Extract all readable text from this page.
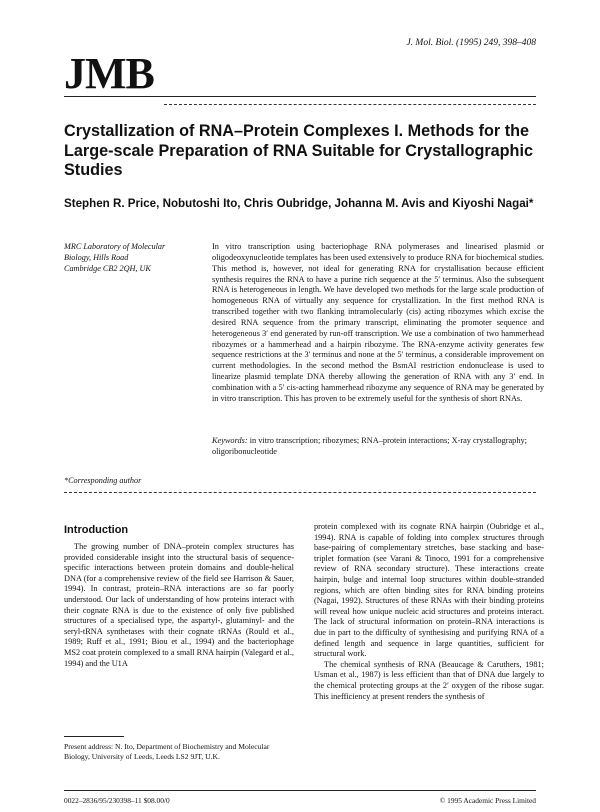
J. Mol. Biol. (1995) 249, 398–408
JMB
Crystallization of RNA–Protein Complexes I. Methods for the Large-scale Preparation of RNA Suitable for Crystallographic Studies
Stephen R. Price, Nobutoshi Ito, Chris Oubridge, Johanna M. Avis and Kiyoshi Nagai*
MRC Laboratory of Molecular
Biology, Hills Road
Cambridge CB2 2QH, UK
In vitro transcription using bacteriophage RNA polymerases and linearised plasmid or oligodeoxynucleotide templates has been used extensively to produce RNA for biochemical studies. This method is, however, not ideal for generating RNA for crystallisation because efficient synthesis requires the RNA to have a purine rich sequence at the 5′ terminus. Also the subsequent RNA is heterogeneous in length. We have developed two methods for the large scale production of homogeneous RNA of virtually any sequence for crystallization. In the first method RNA is transcribed together with two flanking intramolecularly (cis) acting ribozymes which excise the desired RNA sequence from the primary transcript, eliminating the promoter sequence and heterogeneous 3′ end generated by run-off transcription. We use a combination of two hammerhead ribozymes or a hammerhead and a hairpin ribozyme. The RNA-enzyme activity generates few sequence restrictions at the 3′ terminus and none at the 5′ terminus, a considerable improvement on current methodologies. In the second method the BsmAI restriction endonuclease is used to linearize plasmid template DNA thereby allowing the generation of RNA with any 3′ end. In combination with a 5′ cis-acting hammerhead ribozyme any sequence of RNA may be generated by in vitro transcription. This has proven to be extremely useful for the synthesis of short RNAs.
Keywords: in vitro transcription; ribozymes; RNA–protein interactions; X-ray crystallography; oligoribonucleotide
*Corresponding author
Introduction

The growing number of DNA–protein complex structures has provided considerable insight into the structural basis of sequence-specific interactions between protein domains and double-helical DNA (for a comprehensive review of the field see Harrison & Sauer, 1994). In contrast, protein–RNA interactions are so far poorly understood. Our lack of understanding of how proteins interact with their cognate RNA is due to the existence of only five published structures of a specialised type, the aspartyl-, glutaminyl- and the seryl-tRNA synthetases with their cognate tRNAs (Rould et al., 1989; Ruff et al., 1991; Biou et al., 1994) and the bacteriophage MS2 coat protein complexed to a small RNA hairpin (Valegard et al., 1994) and the U1A

protein complexed with its cognate RNA hairpin (Oubridge et al., 1994). RNA is capable of folding into complex structures through base-pairing of complementary stretches, base stacking and base-triplet formation (see Varani & Tinoco, 1991 for a comprehensive review of RNA secondary structure). These interactions create hairpin, bulge and internal loop structures within double-stranded regions, which are often binding sites for RNA binding proteins (Nagai, 1992). Structures of these RNAs with their binding proteins will reveal how unique nucleic acid structures and proteins interact. The lack of structural information on protein–RNA interactions is due in part to the difficulty of synthesising and purifying RNA of a defined length and sequence in large quantities, sufficient for structural work.

The chemical synthesis of RNA (Beaucage & Caruthers, 1981; Usman et al., 1987) is less efficient than that of DNA due largely to the chemical protecting groups at the 2′ oxygen of the ribose sugar. This inefficiency at present renders the synthesis of

Present address: N. Ito, Department of Biochemistry and Molecular Biology, University of Leeds, Leeds LS2 9JT, U.K.
0022–2836/95/230398–11 $08.00/0	© 1995 Academic Press Limited
